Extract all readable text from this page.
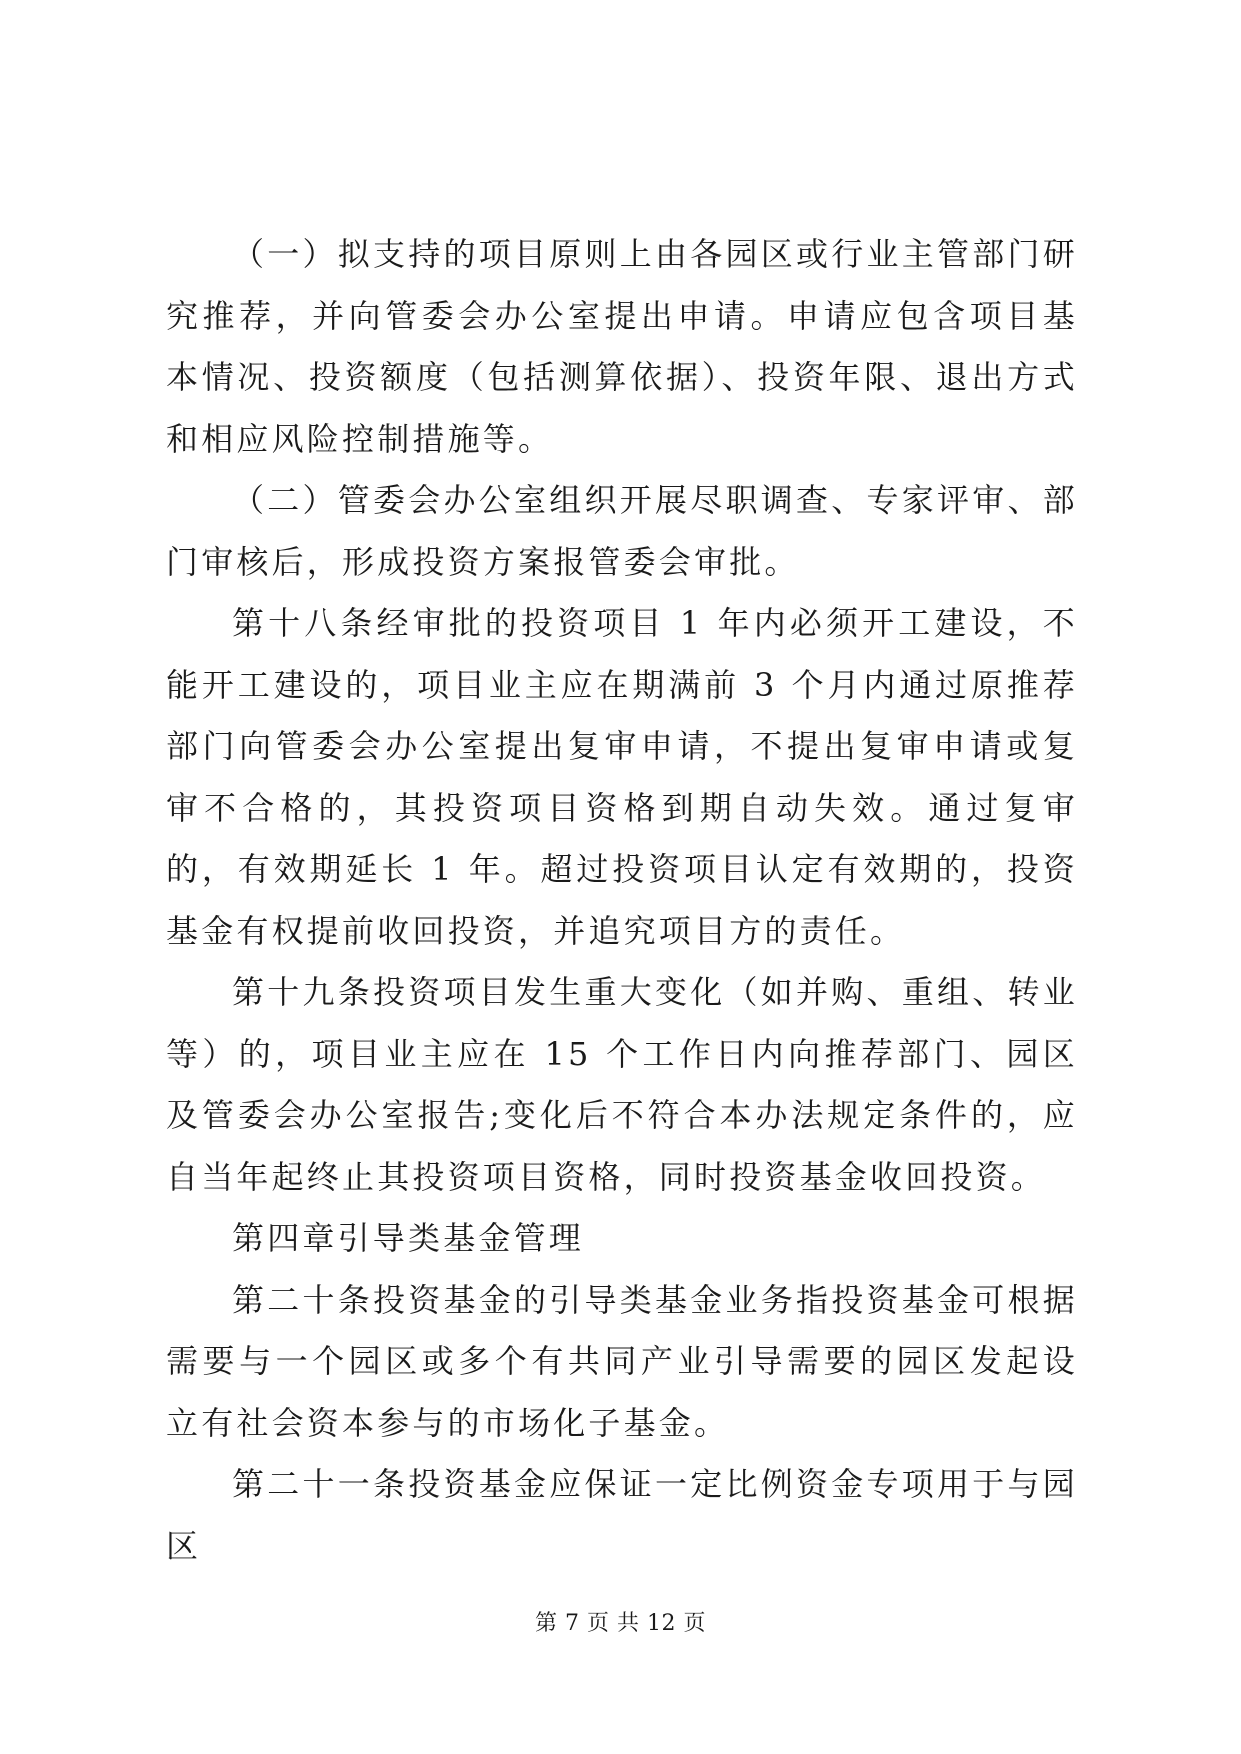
（一）拟支持的项目原则上由各园区或行业主管部门研究推荐，并向管委会办公室提出申请。申请应包含项目基本情况、投资额度（包括测算依据）、投资年限、退出方式和相应风险控制措施等。

（二）管委会办公室组织开展尽职调查、专家评审、部门审核后，形成投资方案报管委会审批。

第十八条经审批的投资项目 1 年内必须开工建设，不能开工建设的，项目业主应在期满前 3 个月内通过原推荐部门向管委会办公室提出复审申请，不提出复审申请或复审不合格的，其投资项目资格到期自动失效。通过复审的，有效期延长 1 年。超过投资项目认定有效期的，投资基金有权提前收回投资，并追究项目方的责任。

第十九条投资项目发生重大变化（如并购、重组、转业等）的，项目业主应在 15 个工作日内向推荐部门、园区及管委会办公室报告;变化后不符合本办法规定条件的，应自当年起终止其投资项目资格，同时投资基金收回投资。

第四章引导类基金管理

第二十条投资基金的引导类基金业务指投资基金可根据需要与一个园区或多个有共同产业引导需要的园区发起设立有社会资本参与的市场化子基金。

第二十一条投资基金应保证一定比例资金专项用于与园区

第 7 页 共 12 页
